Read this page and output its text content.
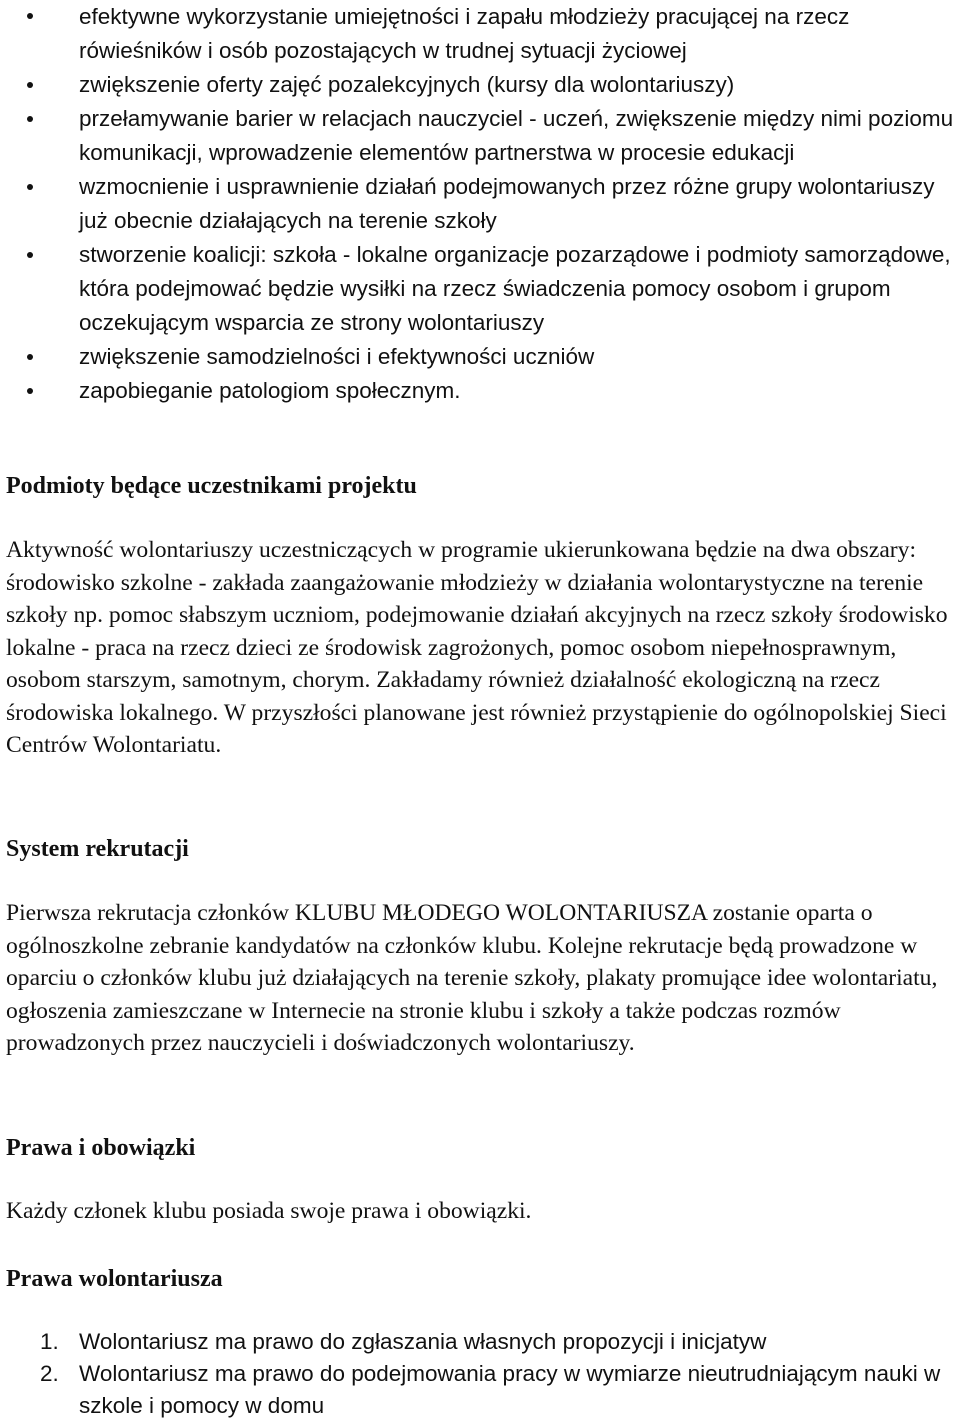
efektywne wykorzystanie umiejętności i zapału młodzieży pracującej na rzecz rówieśników i osób pozostających w trudnej sytuacji życiowej
zwiększenie oferty zajęć pozalekcyjnych (kursy dla wolontariuszy)
przełamywanie barier w relacjach nauczyciel - uczeń, zwiększenie między nimi poziomu komunikacji, wprowadzenie elementów partnerstwa w procesie edukacji
wzmocnienie i usprawnienie działań podejmowanych przez różne grupy wolontariuszy już obecnie działających na terenie szkoły
stworzenie koalicji: szkoła - lokalne organizacje pozarządowe i podmioty samorządowe, która podejmować będzie wysiłki na rzecz świadczenia pomocy osobom i grupom oczekującym wsparcia ze strony wolontariuszy
zwiększenie samodzielności i efektywności uczniów
zapobieganie patologiom społecznym.
Podmioty będące uczestnikami projektu

Aktywność wolontariuszy uczestniczących w programie ukierunkowana będzie na dwa obszary: środowisko szkolne - zakłada zaangażowanie młodzieży w działania wolontarystyczne na terenie szkoły np. pomoc słabszym uczniom, podejmowanie działań akcyjnych na rzecz szkoły środowisko lokalne - praca na rzecz dzieci ze środowisk zagrożonych, pomoc osobom niepełnosprawnym, osobom starszym, samotnym, chorym. Zakładamy również działalność ekologiczną na rzecz środowiska lokalnego. W przyszłości planowane jest również przystąpienie do ogólnopolskiej Sieci Centrów Wolontariatu.

System rekrutacji

Pierwsza rekrutacja członków KLUBU MŁODEGO WOLONTARIUSZA zostanie oparta o ogólnoszkolne zebranie kandydatów na członków klubu. Kolejne rekrutacje będą prowadzone w oparciu o członków klubu już działających na terenie szkoły, plakaty promujące idee wolontariatu, ogłoszenia zamieszczane w Internecie na stronie klubu i szkoły a także podczas rozmów prowadzonych przez nauczycieli i doświadczonych wolontariuszy.

Prawa i obowiązki

Każdy członek klubu posiada swoje prawa i obowiązki.

Prawa wolontariusza
1. Wolontariusz ma prawo do zgłaszania własnych propozycji i inicjatyw
2. Wolontariusz ma prawo do podejmowania pracy w wymiarze nieutrudniającym nauki w szkole i pomocy w domu
